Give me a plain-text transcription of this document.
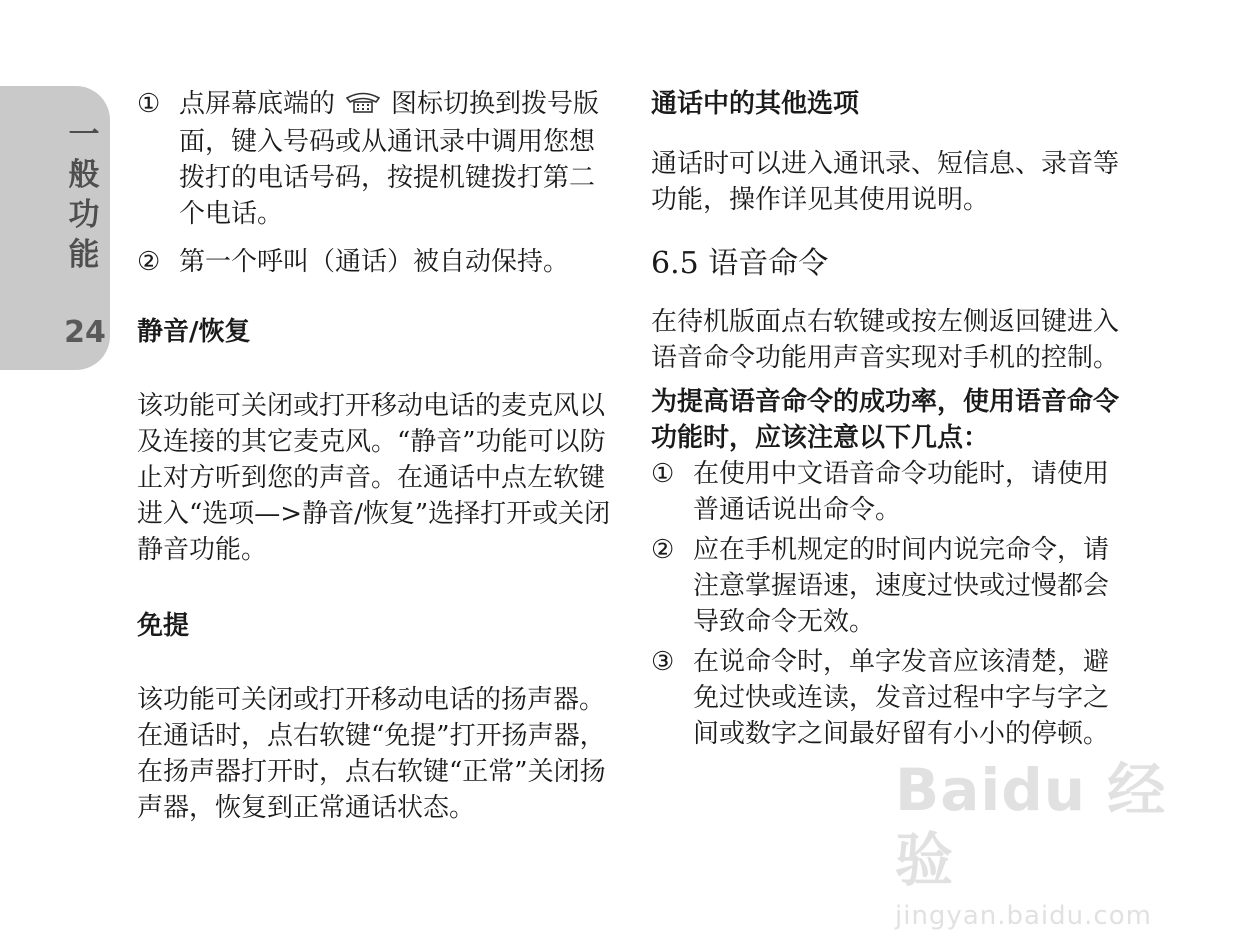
一
般
功
能
24
① 点屏幕底端的 图标切换到拨号版面，键入号码或从通讯录中调用您想拨打的电话号码，按提机键拨打第二个电话。
② 第一个呼叫（通话）被自动保持。
静音/恢复

该功能可关闭或打开移动电话的麦克风以及连接的其它麦克风。“静音”功能可以防止对方听到您的声音。在通话中点左软键进入“选项—>静音/恢复”选择打开或关闭静音功能。

免提

该功能可关闭或打开移动电话的扬声器。在通话时，点右软键“免提”打开扬声器，在扬声器打开时，点右软键“正常”关闭扬声器，恢复到正常通话状态。

通话中的其他选项

通话时可以进入通讯录、短信息、录音等功能，操作详见其使用说明。

6.5 语音命令

在待机版面点右软键或按左侧返回键进入语音命令功能用声音实现对手机的控制。

为提高语音命令的成功率，使用语音命令功能时，应该注意以下几点：

① 在使用中文语音命令功能时，请使用普通话说出命令。
② 应在手机规定的时间内说完命令，请注意掌握语速，速度过快或过慢都会导致命令无效。
③ 在说命令时，单字发音应该清楚，避免过快或连读，发音过程中字与字之间或数字之间最好留有小小的停顿。
Baidu 经验
jingyan.baidu.com
